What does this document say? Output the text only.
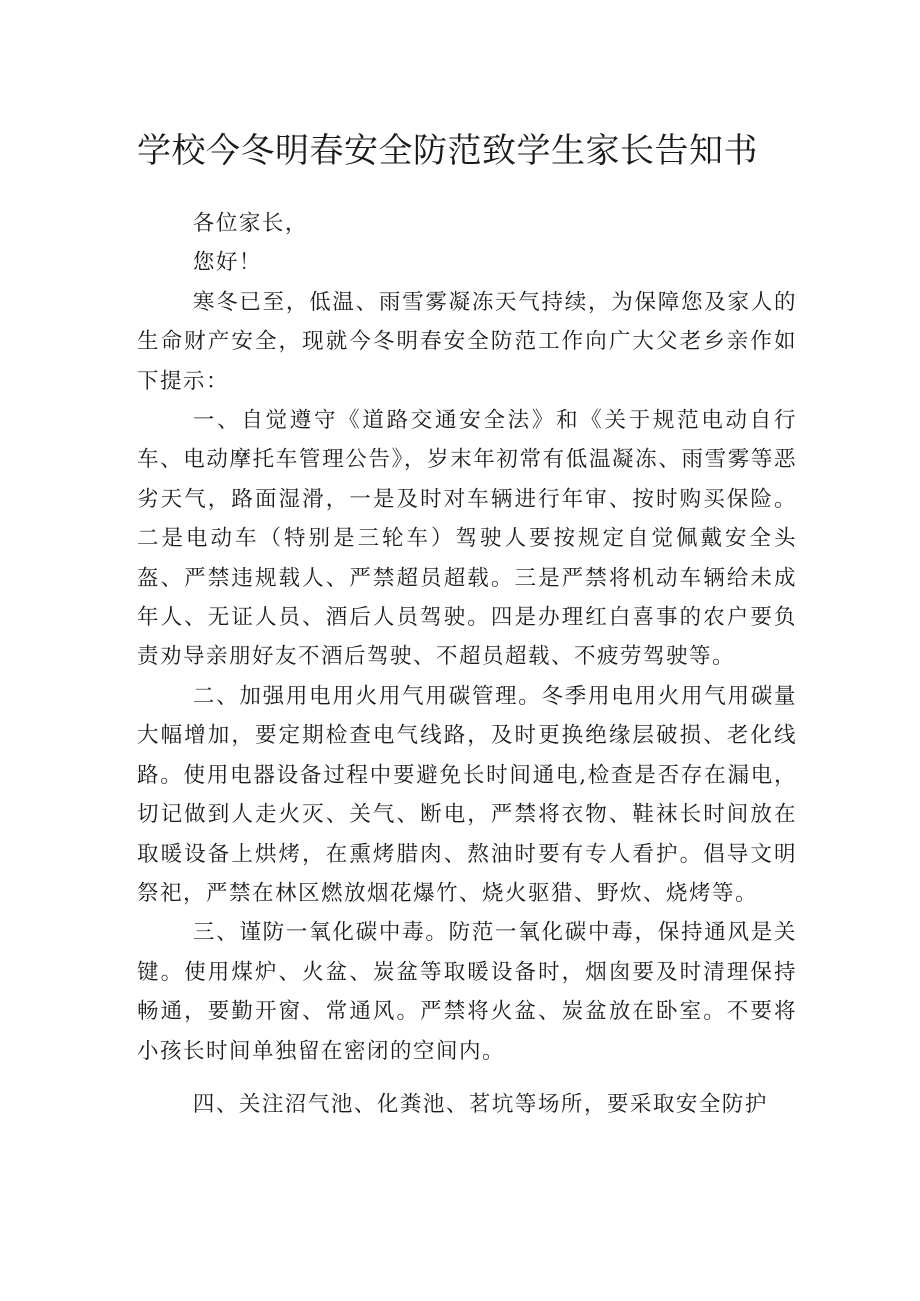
学校今冬明春安全防范致学生家长告知书

各位家长，

您好！

寒冬已至，低温、雨雪雾凝冻天气持续，为保障您及家人的生命财产安全，现就今冬明春安全防范工作向广大父老乡亲作如下提示：

一、自觉遵守《道路交通安全法》和《关于规范电动自行车、电动摩托车管理公告》，岁末年初常有低温凝冻、雨雪雾等恶劣天气，路面湿滑，一是及时对车辆进行年审、按时购买保险。二是电动车（特别是三轮车）驾驶人要按规定自觉佩戴安全头盔、严禁违规载人、严禁超员超载。三是严禁将机动车辆给未成年人、无证人员、酒后人员驾驶。四是办理红白喜事的农户要负责劝导亲朋好友不酒后驾驶、不超员超载、不疲劳驾驶等。

二、加强用电用火用气用碳管理。冬季用电用火用气用碳量大幅增加，要定期检查电气线路，及时更换绝缘层破损、老化线路。使用电器设备过程中要避免长时间通电,检查是否存在漏电，切记做到人走火灭、关气、断电，严禁将衣物、鞋袜长时间放在取暖设备上烘烤，在熏烤腊肉、熬油时要有专人看护。倡导文明祭祀，严禁在林区燃放烟花爆竹、烧火驱猎、野炊、烧烤等。

三、谨防一氧化碳中毒。防范一氧化碳中毒，保持通风是关键。使用煤炉、火盆、炭盆等取暖设备时，烟囱要及时清理保持畅通，要勤开窗、常通风。严禁将火盆、炭盆放在卧室。不要将小孩长时间单独留在密闭的空间内。

四、关注沼气池、化粪池、茗坑等场所，要采取安全防护
